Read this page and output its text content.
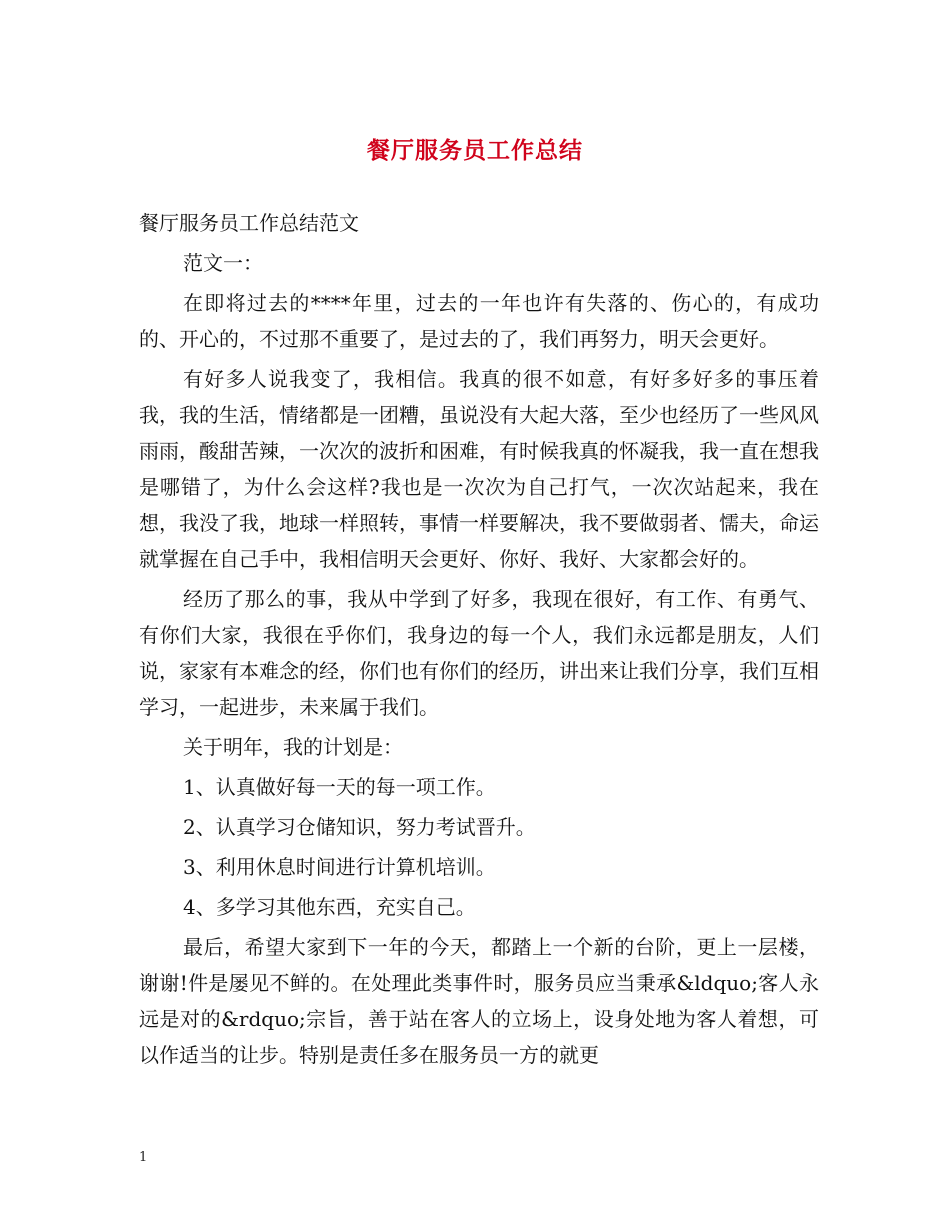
餐厅服务员工作总结

餐厅服务员工作总结范文

范文一：

在即将过去的****年里，过去的一年也许有失落的、伤心的，有成功的、开心的，不过那不重要了，是过去的了，我们再努力，明天会更好。

有好多人说我变了，我相信。我真的很不如意，有好多好多的事压着我，我的生活，情绪都是一团糟，虽说没有大起大落，至少也经历了一些风风雨雨，酸甜苦辣，一次次的波折和困难，有时候我真的怀凝我，我一直在想我是哪错了，为什么会这样?我也是一次次为自己打气，一次次站起来，我在想，我没了我，地球一样照转，事情一样要解决，我不要做弱者、懦夫，命运就掌握在自己手中，我相信明天会更好、你好、我好、大家都会好的。

经历了那么的事，我从中学到了好多，我现在很好，有工作、有勇气、有你们大家，我很在乎你们，我身边的每一个人，我们永远都是朋友，人们说，家家有本难念的经，你们也有你们的经历，讲出来让我们分享，我们互相学习，一起进步，未来属于我们。

关于明年，我的计划是：

1、认真做好每一天的每一项工作。

2、认真学习仓储知识，努力考试晋升。

3、利用休息时间进行计算机培训。

4、多学习其他东西，充实自己。

最后，希望大家到下一年的今天，都踏上一个新的台阶，更上一层楼，谢谢!件是屡见不鲜的。在处理此类事件时，服务员应当秉承&ldquo;客人永远是对的&rdquo;宗旨，善于站在客人的立场上，设身处地为客人着想，可以作适当的让步。特别是责任多在服务员一方的就更

1
